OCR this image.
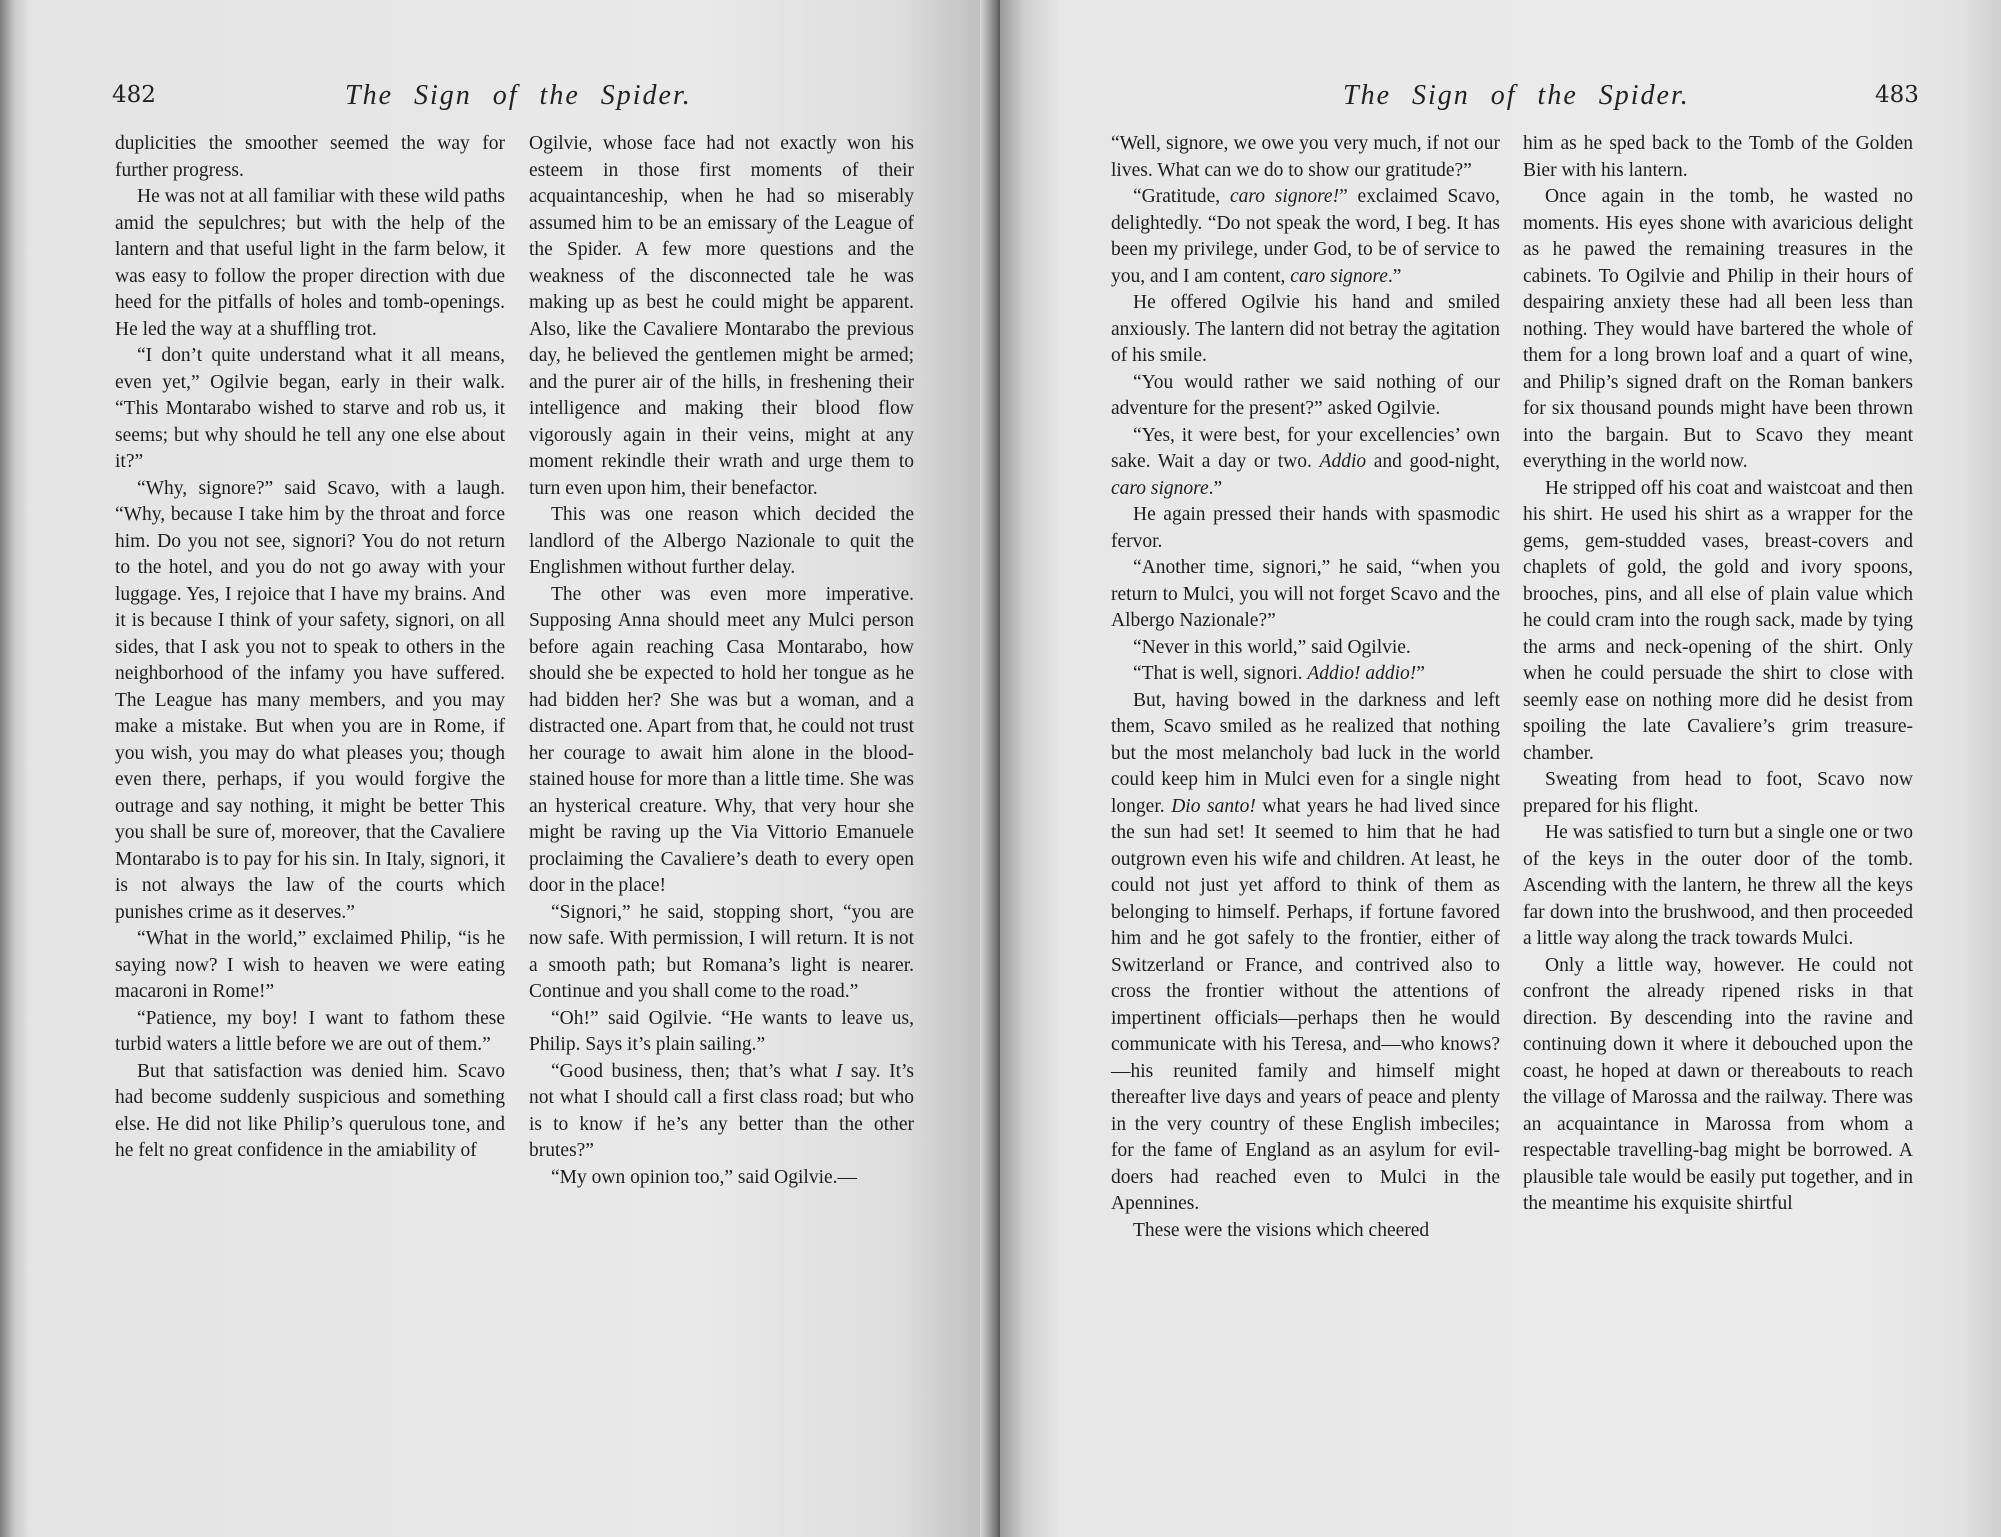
482	The Sign of the Spider.

duplicities the smoother seemed the way for further progress.

He was not at all familiar with these wild paths amid the sepulchres; but with the help of the lantern and that useful light in the farm below, it was easy to follow the proper direction with due heed for the pitfalls of holes and tomb-openings. He led the way at a shuffling trot.

“I don’t quite understand what it all means, even yet,” Ogilvie began, early in their walk. “This Montarabo wished to starve and rob us, it seems; but why should he tell any one else about it?”

“Why, signore?” said Scavo, with a laugh. “Why, because I take him by the throat and force him. Do you not see, signori? You do not return to the hotel, and you do not go away with your luggage. Yes, I rejoice that I have my brains. And it is because I think of your safety, signori, on all sides, that I ask you not to speak to others in the neighborhood of the infamy you have suffered. The League has many members, and you may make a mistake. But when you are in Rome, if you wish, you may do what pleases you; though even there, perhaps, if you would forgive the outrage and say nothing, it might be better This you shall be sure of, moreover, that the Cavaliere Montarabo is to pay for his sin. In Italy, signori, it is not always the law of the courts which punishes crime as it deserves.”

“What in the world,” exclaimed Philip, “is he saying now? I wish to heaven we were eating macaroni in Rome!”

“Patience, my boy! I want to fathom these turbid waters a little before we are out of them.”

But that satisfaction was denied him. Scavo had become suddenly suspicious and something else. He did not like Philip’s querulous tone, and he felt no great confidence in the amiability of

Ogilvie, whose face had not exactly won his esteem in those first moments of their acquaintanceship, when he had so miserably assumed him to be an emissary of the League of the Spider. A few more questions and the weakness of the disconnected tale he was making up as best he could might be apparent. Also, like the Cavaliere Montarabo the previous day, he believed the gentlemen might be armed; and the purer air of the hills, in freshening their intelligence and making their blood flow vigorously again in their veins, might at any moment rekindle their wrath and urge them to turn even upon him, their benefactor.

This was one reason which decided the landlord of the Albergo Nazionale to quit the Englishmen without further delay.

The other was even more imperative. Supposing Anna should meet any Mulci person before again reaching Casa Montarabo, how should she be expected to hold her tongue as he had bidden her? She was but a woman, and a distracted one. Apart from that, he could not trust her courage to await him alone in the blood-stained house for more than a little time. She was an hysterical creature. Why, that very hour she might be raving up the Via Vittorio Emanuele proclaiming the Cavaliere’s death to every open door in the place!

“Signori,” he said, stopping short, “you are now safe. With permission, I will return. It is not a smooth path; but Romana’s light is nearer. Continue and you shall come to the road.”

“Oh!” said Ogilvie. “He wants to leave us, Philip. Says it’s plain sailing.”

“Good business, then; that’s what I say. It’s not what I should call a first class road; but who is to know if he’s any better than the other brutes?”

“My own opinion too,” said Ogilvie.—

The Sign of the Spider.	483

“Well, signore, we owe you very much, if not our lives. What can we do to show our gratitude?”

“Gratitude, caro signore!” exclaimed Scavo, delightedly. “Do not speak the word, I beg. It has been my privilege, under God, to be of service to you, and I am content, caro signore.”

He offered Ogilvie his hand and smiled anxiously. The lantern did not betray the agitation of his smile.

“You would rather we said nothing of our adventure for the present?” asked Ogilvie.

“Yes, it were best, for your excellencies’ own sake. Wait a day or two. Addio and good-night, caro signore.”

He again pressed their hands with spasmodic fervor.

“Another time, signori,” he said, “when you return to Mulci, you will not forget Scavo and the Albergo Nazionale?”

“Never in this world,” said Ogilvie.

“That is well, signori. Addio! addio!”

But, having bowed in the darkness and left them, Scavo smiled as he realized that nothing but the most melancholy bad luck in the world could keep him in Mulci even for a single night longer. Dio santo! what years he had lived since the sun had set! It seemed to him that he had outgrown even his wife and children. At least, he could not just yet afford to think of them as belonging to himself. Perhaps, if fortune favored him and he got safely to the frontier, either of Switzerland or France, and contrived also to cross the frontier without the attentions of impertinent officials—perhaps then he would communicate with his Teresa, and—who knows?—his reunited family and himself might thereafter live days and years of peace and plenty in the very country of these English imbeciles; for the fame of England as an asylum for evil-doers had reached even to Mulci in the Apennines.

These were the visions which cheered

him as he sped back to the Tomb of the Golden Bier with his lantern.

Once again in the tomb, he wasted no moments. His eyes shone with avaricious delight as he pawed the remaining treasures in the cabinets. To Ogilvie and Philip in their hours of despairing anxiety these had all been less than nothing. They would have bartered the whole of them for a long brown loaf and a quart of wine, and Philip’s signed draft on the Roman bankers for six thousand pounds might have been thrown into the bargain. But to Scavo they meant everything in the world now.

He stripped off his coat and waistcoat and then his shirt. He used his shirt as a wrapper for the gems, gem-studded vases, breast-covers and chaplets of gold, the gold and ivory spoons, brooches, pins, and all else of plain value which he could cram into the rough sack, made by tying the arms and neck-opening of the shirt. Only when he could persuade the shirt to close with seemly ease on nothing more did he desist from spoiling the late Cavaliere’s grim treasure-chamber.

Sweating from head to foot, Scavo now prepared for his flight.

He was satisfied to turn but a single one or two of the keys in the outer door of the tomb. Ascending with the lantern, he threw all the keys far down into the brushwood, and then proceeded a little way along the track towards Mulci.

Only a little way, however. He could not confront the already ripened risks in that direction. By descending into the ravine and continuing down it where it debouched upon the coast, he hoped at dawn or thereabouts to reach the village of Marossa and the railway. There was an acquaintance in Marossa from whom a respectable travelling-bag might be borrowed. A plausible tale would be easily put together, and in the meantime his exquisite shirtful
